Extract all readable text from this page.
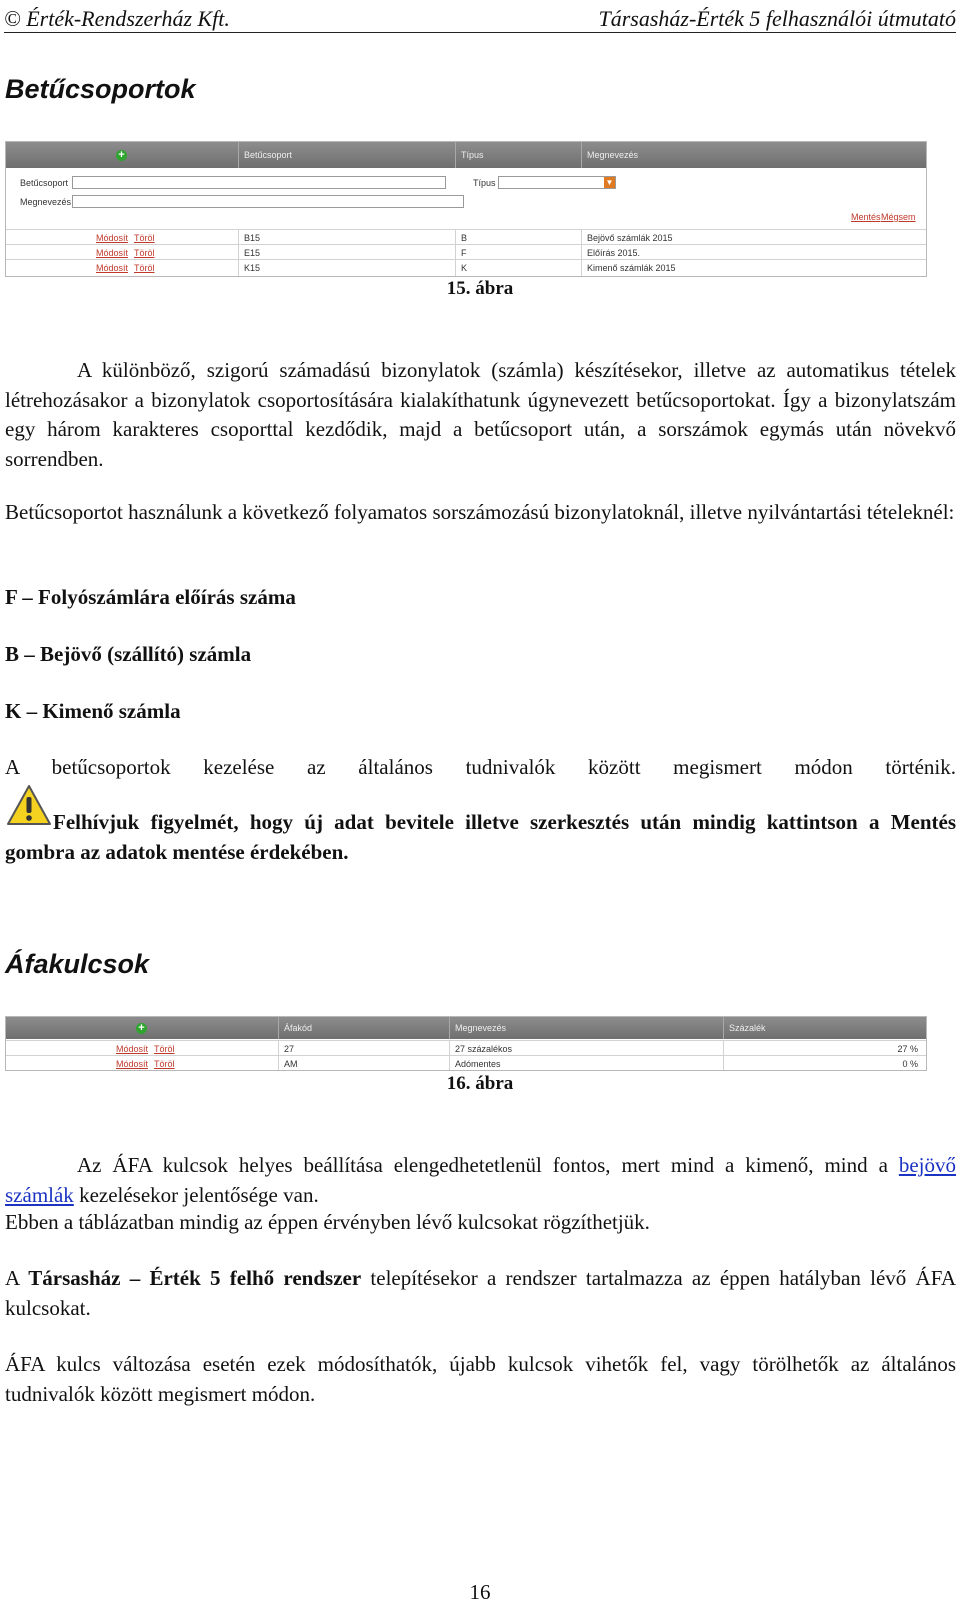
© Érték-Rendszerház Kft.	Társasház-Érték 5 felhasználói útmutató
Betűcsoportok
+	Betűcsoport	Típus	Megnevezés
Betűcsoport
Megnevezés
Típus	▼
Mentés Mégsem
Módosít Töröl	B15	B	Bejövő számlák 2015
Módosít Töröl	E15	F	Előírás 2015.
Módosít Töröl	K15	K	Kimenő számlák 2015
15. ábra
A különböző, szigorú számadású bizonylatok (számla) készítésekor, illetve az automatikus tételek létrehozásakor a bizonylatok csoportosítására kialakíthatunk úgynevezett betűcsoportokat. Így a bizonylatszám egy három karakteres csoporttal kezdődik, majd a betűcsoport után, a sorszámok egymás után növekvő sorrendben.
Betűcsoportot használunk a következő folyamatos sorszámozású bizonylatoknál, illetve nyilvántartási tételeknél:
F – Folyószámlára előírás száma
B – Bejövő (szállító) számla
K – Kimenő számla
A betűcsoportok kezelése az általános tudnivalók között megismert módon történik.
Felhívjuk figyelmét, hogy új adat bevitele illetve szerkesztés után mindig kattintson a Mentés gombra az adatok mentése érdekében.
Áfakulcsok
+	Áfakód	Megnevezés	Százalék
Módosít Töröl	27	27 százalékos	27 %
Módosít Töröl	AM	Adómentes	0 %
16. ábra
Az ÁFA kulcsok helyes beállítása elengedhetetlenül fontos, mert mind a kimenő, mind a bejövő számlák kezelésekor jelentősége van.
Ebben a táblázatban mindig az éppen érvényben lévő kulcsokat rögzíthetjük.
A Társasház – Érték 5 felhő rendszer telepítésekor a rendszer tartalmazza az éppen hatályban lévő ÁFA kulcsokat.
ÁFA kulcs változása esetén ezek módosíthatók, újabb kulcsok vihetők fel, vagy törölhetők az általános tudnivalók között megismert módon.
16
